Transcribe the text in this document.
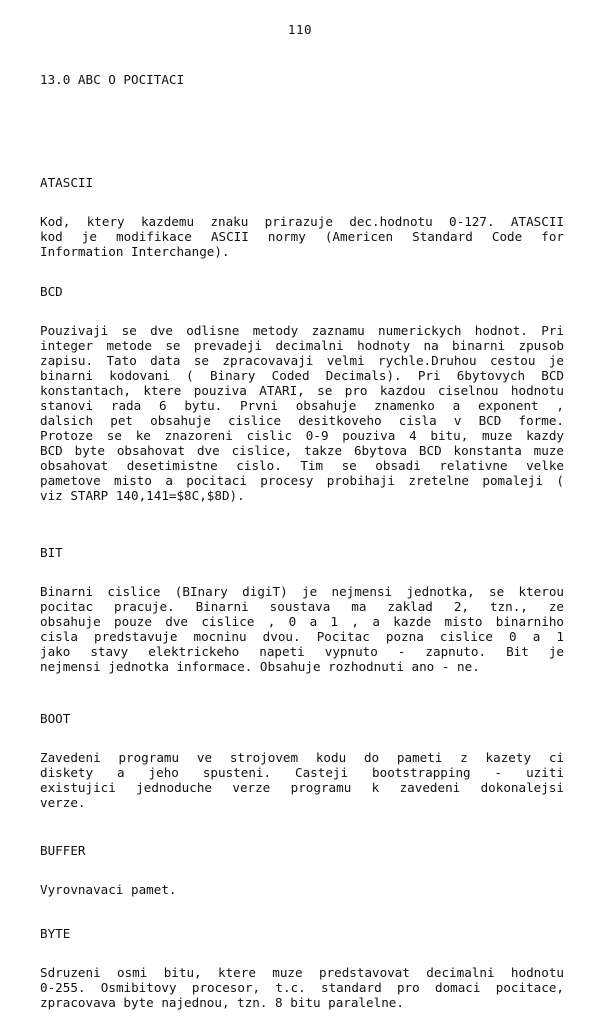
110
13.0 ABC O POCITACI
ATASCII
Kod, ktery kazdemu znaku prirazuje dec.hodnotu 0-127. ATASCII
kod je modifikace ASCII normy (Americen Standard Code for
Information Interchange).
BCD
Pouzivaji se dve odlisne metody zaznamu numerickych hodnot. Pri
integer metode se prevadeji decimalni hodnoty na binarni zpusob
zapisu. Tato data se zpracovavaji velmi rychle.Druhou cestou je
binarni kodovani ( Binary Coded Decimals). Pri 6bytovych BCD
konstantach, ktere pouziva ATARI, se pro kazdou ciselnou hodnotu
stanovi rada 6 bytu. Prvni obsahuje znamenko a exponent ,
dalsich pet obsahuje cislice desitkoveho cisla v BCD forme.
Protoze se ke znazoreni cislic 0-9 pouziva 4 bitu, muze kazdy
BCD byte obsahovat dve cislice, takze 6bytova BCD konstanta muze
obsahovat desetimistne cislo. Tim se obsadi relativne velke
pametove misto a pocitaci procesy probihaji zretelne pomaleji (
viz STARP 140,141=$8C,$8D).
BIT
Binarni cislice (BInary digiT) je nejmensi jednotka, se kterou
pocitac pracuje. Binarni soustava ma zaklad 2, tzn., ze
obsahuje pouze dve cislice , 0 a 1 , a kazde misto binarniho
cisla predstavuje mocninu dvou. Pocitac pozna cislice 0 a 1
jako stavy elektrickeho napeti vypnuto - zapnuto. Bit je
nejmensi jednotka informace. Obsahuje rozhodnuti ano - ne.
BOOT
Zavedeni programu ve strojovem kodu do pameti z kazety ci
diskety a jeho spusteni. Casteji bootstrapping - uziti
existujici jednoduche verze programu k zavedeni dokonalejsi
verze.
BUFFER
Vyrovnavaci pamet.
BYTE
Sdruzeni osmi bitu, ktere muze predstavovat decimalni hodnotu
0-255. Osmibitovy procesor, t.c. standard pro domaci pocitace,
zpracovava byte najednou, tzn. 8 bitu paralelne.
